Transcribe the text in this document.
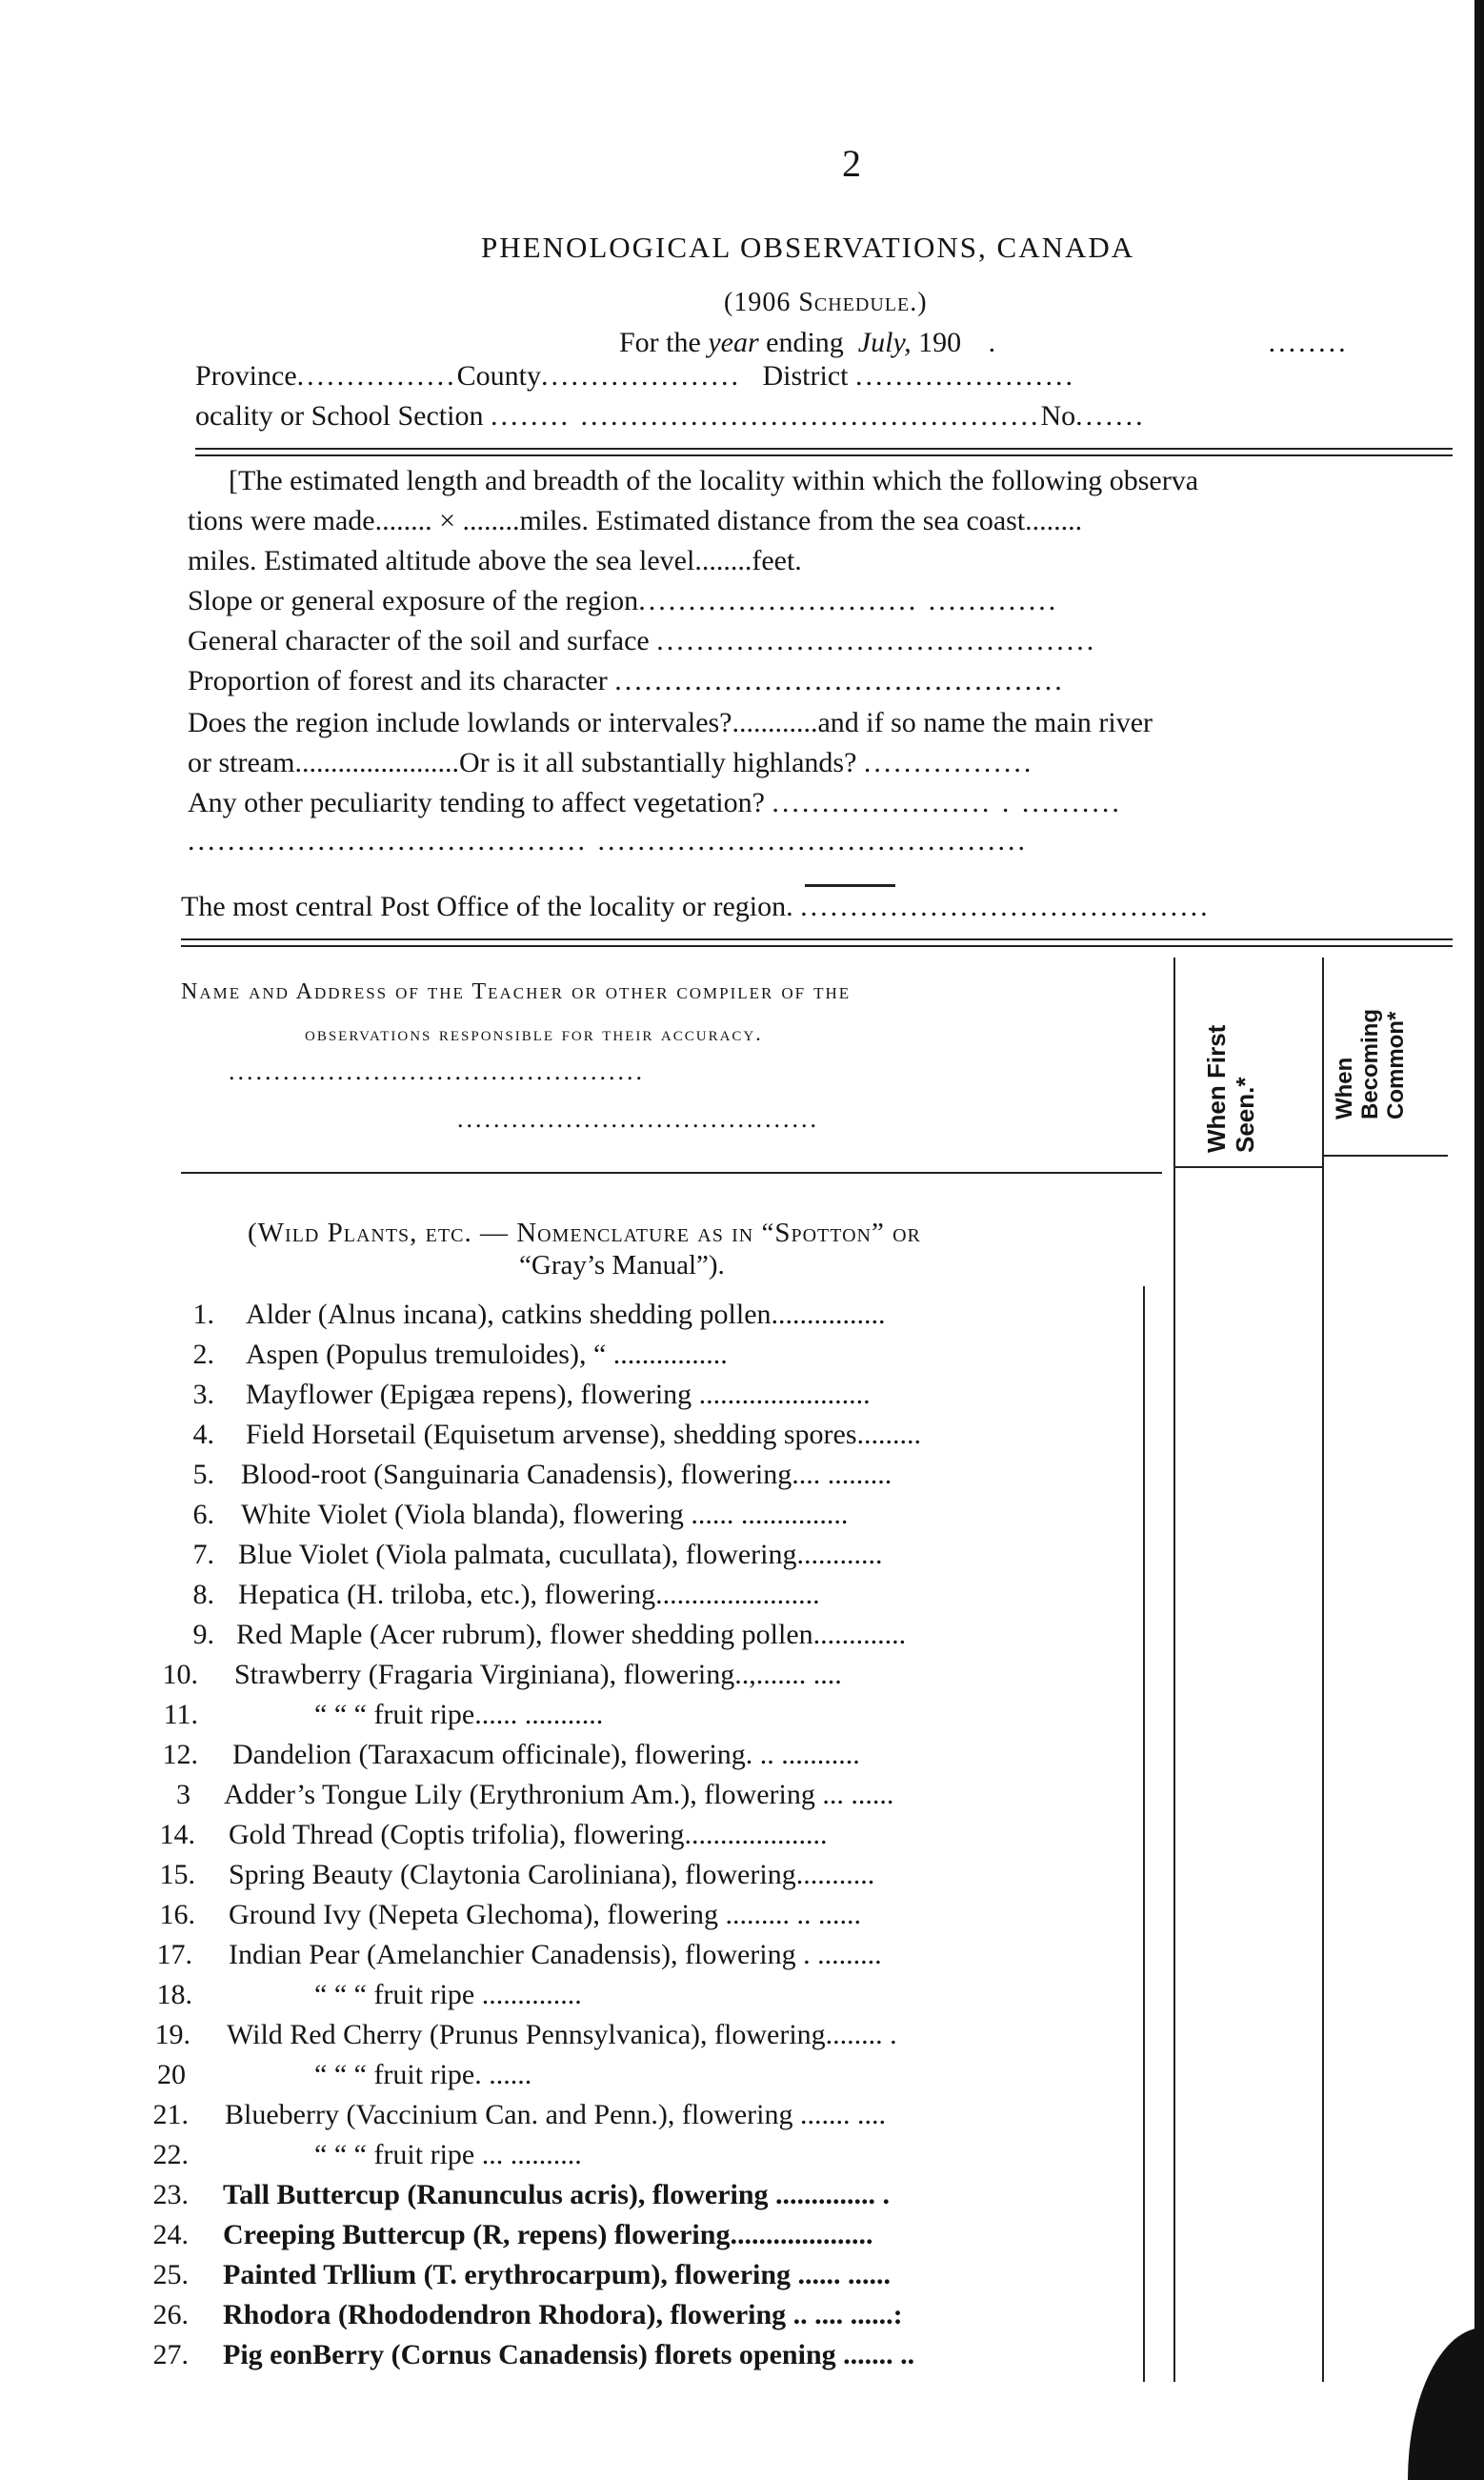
2
PHENOLOGICAL OBSERVATIONS, CANADA
(1906 Schedule.)
For the year ending July, 190   .                           ........
Province................County.................... District ......................
ocality or School Section ........ ..............................................No.......
[The estimated length and breadth of the locality within which the following observa
tions were made........ × ........miles. Estimated distance from the sea coast........
miles. Estimated altitude above the sea level........feet.
Slope or general exposure of the region............................ .............
General character of the soil and surface ............................................
Proportion of forest and its character .............................................
Does the region include lowlands or intervales?............and if so name the main river
or stream.......................Or is it all substantially highlands? .................
Any other peculiarity tending to affect vegetation? ...................... . ..........
........................................ ...........................................
The most central Post Office of the locality or region. .........................................
Name and Address of the Teacher or other compiler of the
observations responsible for their accuracy.
..............................................
........................................	When First Seen.*	When Becoming Common*
(Wild Plants, etc. — Nomenclature as in “Spotton” or
“Gray’s Manual”).
1. Alder (Alnus incana), catkins shedding pollen................
2. Aspen (Populus tremuloides), “ ................
3. Mayflower (Epigæa repens), flowering ........................
4. Field Horsetail (Equisetum arvense), shedding spores.........
5. Blood-root (Sanguinaria Canadensis), flowering.... .........
6. White Violet (Viola blanda), flowering ...... ...............
7. Blue Violet (Viola palmata, cucullata), flowering............
8. Hepatica (H. triloba, etc.), flowering.......................
9. Red Maple (Acer rubrum), flower shedding pollen.............
10. Strawberry (Fragaria Virginiana), flowering..,....... ....
11.	“ “ “ fruit ripe...... ...........
12. Dandelion (Taraxacum officinale), flowering. .. ...........
3 Adder’s Tongue Lily (Erythronium Am.), flowering ... ......
14. Gold Thread (Coptis trifolia), flowering....................
15. Spring Beauty (Claytonia Caroliniana), flowering...........
16. Ground Ivy (Nepeta Glechoma), flowering ......... .. ......
17. Indian Pear (Amelanchier Canadensis), flowering . .........
18.	“ “ “ fruit ripe ..............
19. Wild Red Cherry (Prunus Pennsylvanica), flowering........ .
20	“ “ “ fruit ripe. ......
21. Blueberry (Vaccinium Can. and Penn.), flowering ....... ....
22.	“ “ “ fruit ripe ... ..........
23. Tall Buttercup (Ranunculus acris), flowering .............. .
24. Creeping Buttercup (R, repens) flowering....................
25. Painted Trllium (T. erythrocarpum), flowering ...... ......
26. Rhodora (Rhododendron Rhodora), flowering .. .... ......:
27. Pig eonBerry (Cornus Canadensis) florets opening ....... ..
